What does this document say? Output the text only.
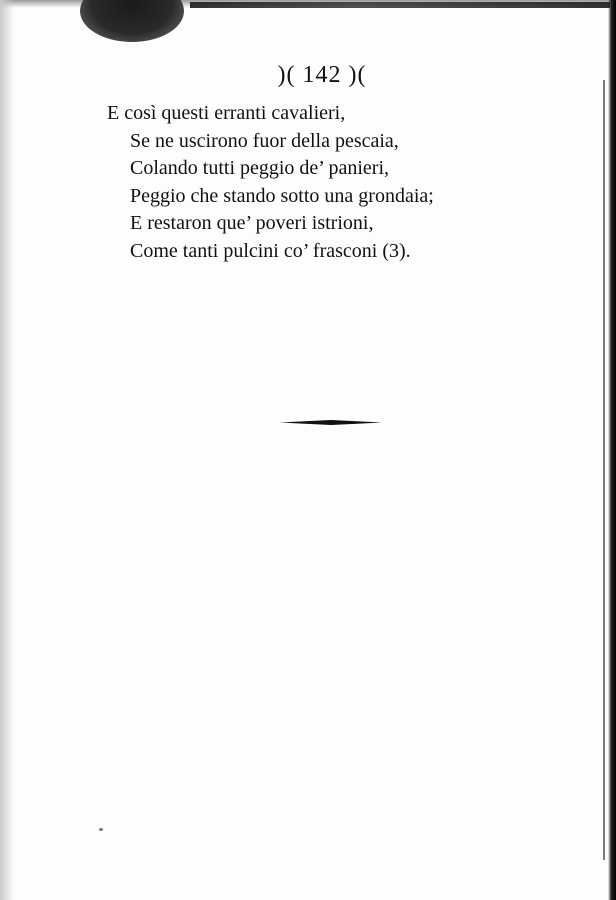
)( 142 )(
E così questi erranti cavalieri,
Se ne uscirono fuor della pescaia,
Colando tutti peggio de’ panieri,
Peggio che stando sotto una grondaia;
E restaron que’ poveri istrioni,
Come tanti pulcini co’ frasconi (3).
